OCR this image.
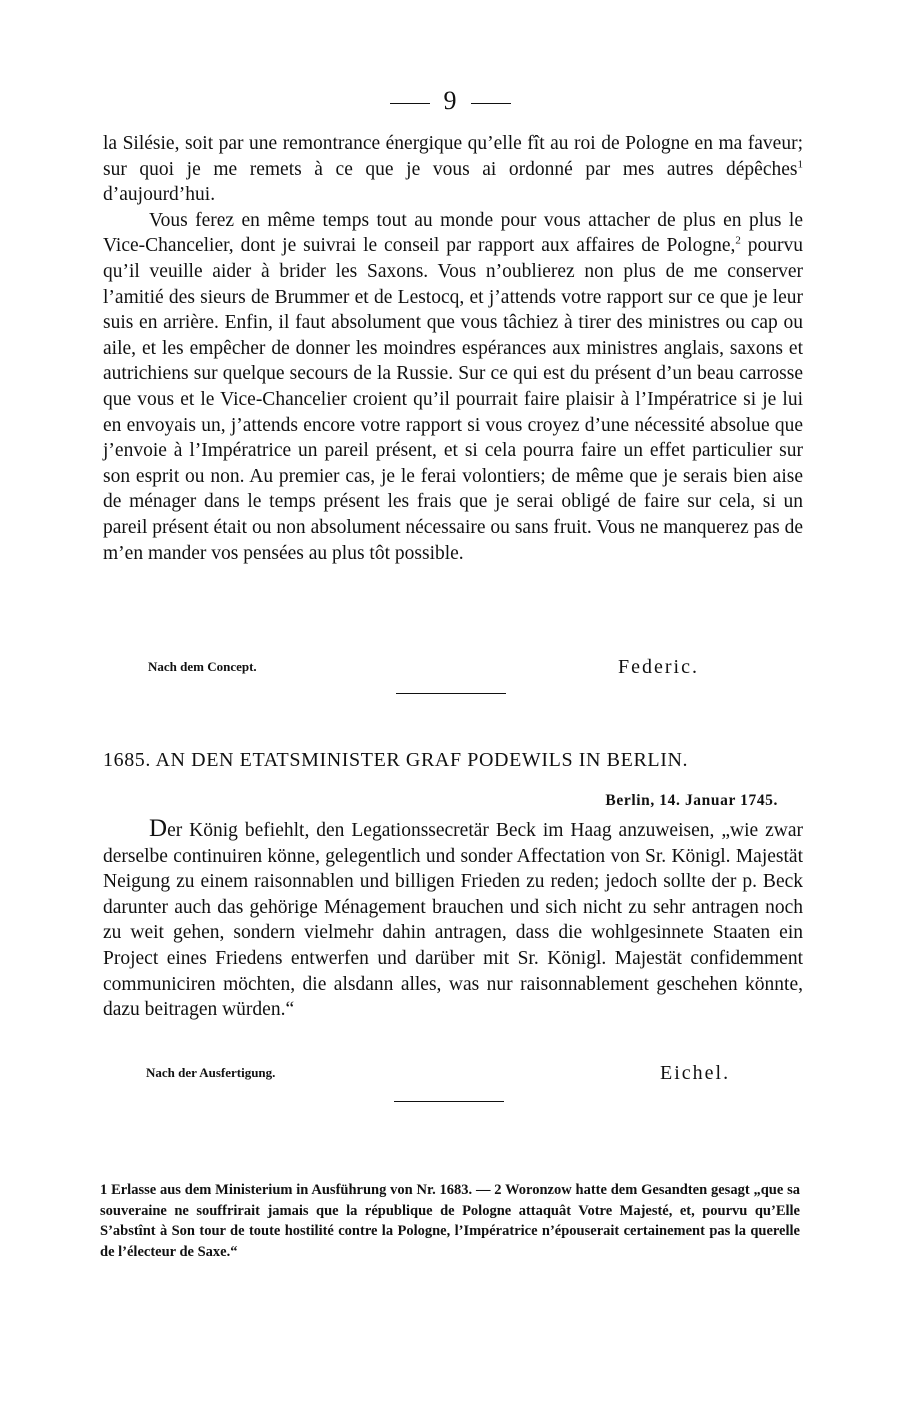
9

la Silésie, soit par une remontrance énergique qu’elle fît au roi de Pologne en ma faveur; sur quoi je me remets à ce que je vous ai ordonné par mes autres dépêches$^1$ d’aujourd’hui.

Vous ferez en même temps tout au monde pour vous attacher de plus en plus le Vice-Chancelier, dont je suivrai le conseil par rapport aux affaires de Pologne,$^2$ pourvu qu’il veuille aider à brider les Saxons. Vous n’oublierez non plus de me conserver l’amitié des sieurs de Brummer et de Lestocq, et j’attends votre rapport sur ce que je leur suis en arrière. Enfin, il faut absolument que vous tâchiez à tirer des ministres ou cap ou aile, et les empêcher de donner les moindres espérances aux ministres anglais, saxons et autrichiens sur quelque secours de la Russie. Sur ce qui est du présent d’un beau carrosse que vous et le Vice-Chancelier croient qu’il pourrait faire plaisir à l’Impératrice si je lui en envoyais un, j’attends encore votre rapport si vous croyez d’une nécessité absolue que j’envoie à l’Impératrice un pareil présent, et si cela pourra faire un effet particulier sur son esprit ou non. Au premier cas, je le ferai volontiers; de même que je serais bien aise de ménager dans le temps présent les frais que je serai obligé de faire sur cela, si un pareil présent était ou non absolument nécessaire ou sans fruit. Vous ne manquerez pas de m’en mander vos pensées au plus tôt possible.

Nach dem Concept.	Federic.
1685. AN DEN ETATSMINISTER GRAF PODEWILS IN BERLIN.
Berlin, 14. Januar 1745.

Der König befiehlt, den Legationssecretär Beck im Haag anzuweisen, „wie zwar derselbe continuiren könne, gelegentlich und sonder Affectation von Sr. Königl. Majestät Neigung zu einem raisonnablen und billigen Frieden zu reden; jedoch sollte der p. Beck darunter auch das gehörige Ménagement brauchen und sich nicht zu sehr antragen noch zu weit gehen, sondern vielmehr dahin antragen, dass die wohlgesinnete Staaten ein Project eines Friedens entwerfen und darüber mit Sr. Königl. Majestät confidemment communiciren möchten, die alsdann alles, was nur raisonnablement geschehen könnte, dazu beitragen würden.“

Nach der Ausfertigung.	Eichel.

1 Erlasse aus dem Ministerium in Ausführung von Nr. 1683. — 2 Woronzow hatte dem Gesandten gesagt „que sa souveraine ne souffrirait jamais que la république de Pologne attaquât Votre Majesté, et, pourvu qu’Elle S’abstînt à Son tour de toute hostilité contre la Pologne, l’Impératrice n’épouserait certainement pas la querelle de l’électeur de Saxe.“
